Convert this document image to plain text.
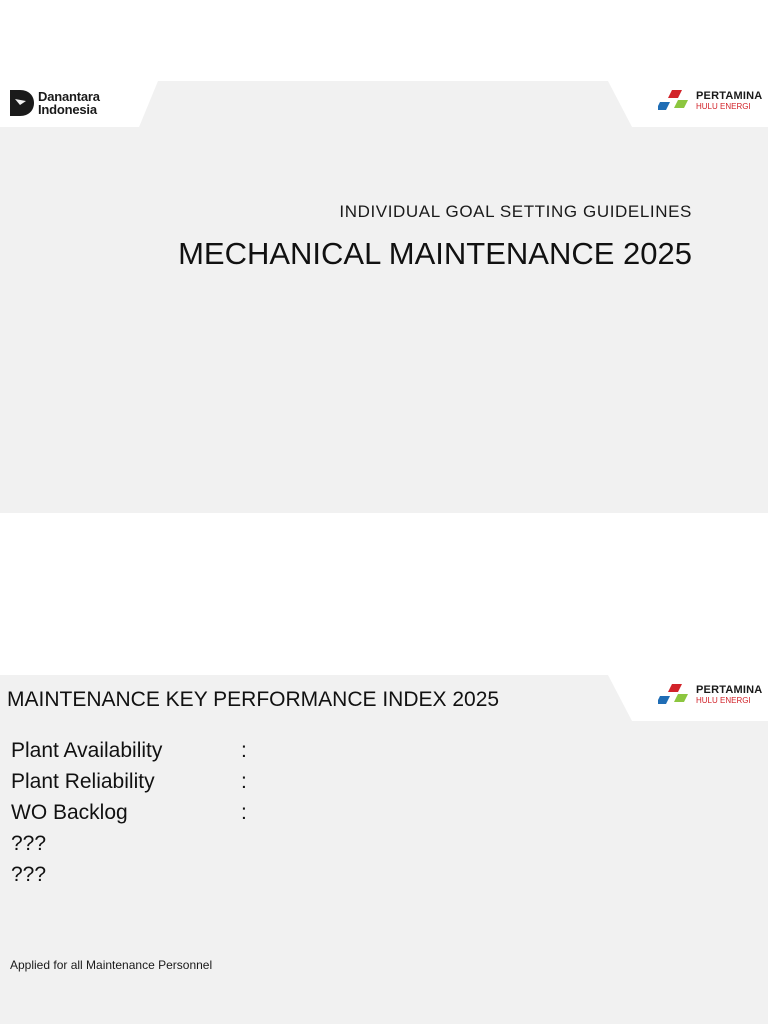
Danantara
Indonesia
PERTAMINA
HULU ENERGI
INDIVIDUAL GOAL SETTING GUIDELINES
MECHANICAL MAINTENANCE 2025
PERTAMINA
HULU ENERGI
MAINTENANCE KEY PERFORMANCE INDEX 2025
Plant Availability	:
Plant Reliability	:
WO Backlog	:
???
???
Applied for all Maintenance Personnel
